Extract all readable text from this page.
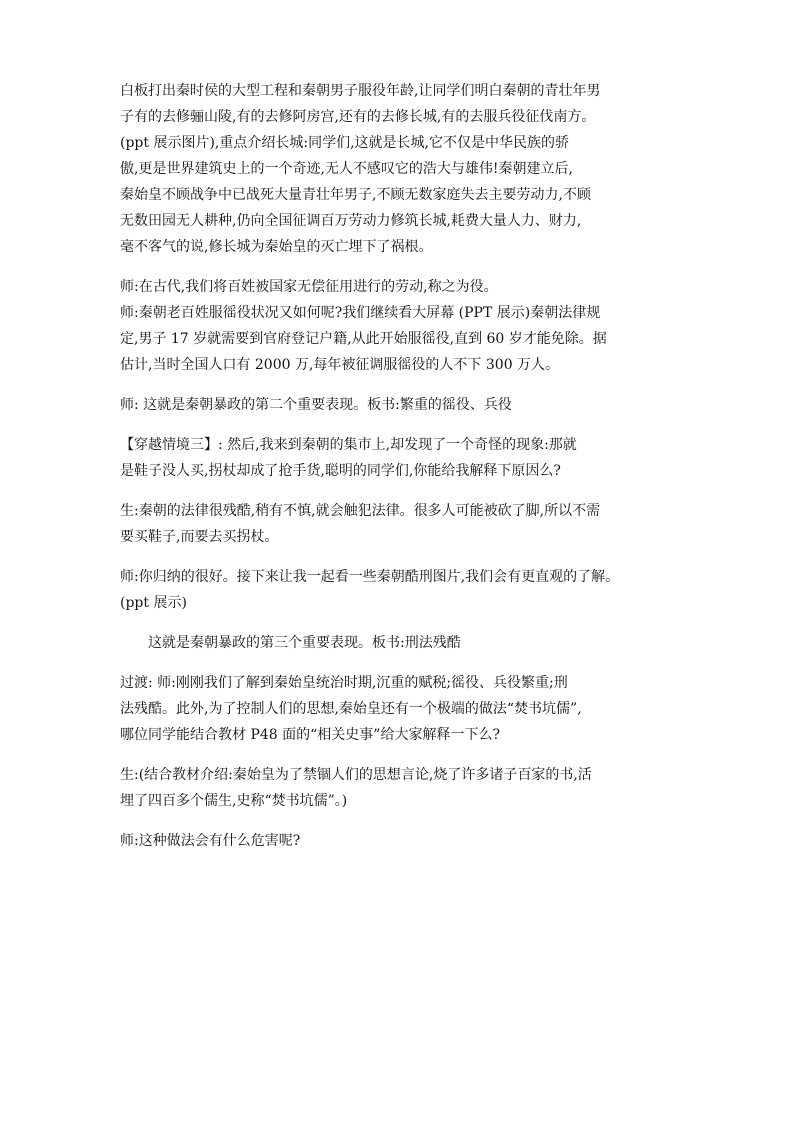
白板打出秦时侯的大型工程和秦朝男子服役年龄,让同学们明白秦朝的青壮年男
子有的去修骊山陵,有的去修阿房宫,还有的去修长城,有的去服兵役征伐南方。
(ppt 展示图片),重点介绍长城:同学们,这就是长城,它不仅是中华民族的骄
傲,更是世界建筑史上的一个奇迹,无人不感叹它的浩大与雄伟!秦朝建立后,
秦始皇不顾战争中已战死大量青壮年男子,不顾无数家庭失去主要劳动力,不顾
无数田园无人耕种,仍向全国征调百万劳动力修筑长城,耗费大量人力、财力,
毫不客气的说,修长城为秦始皇的灭亡埋下了祸根。

师:在古代,我们将百姓被国家无偿征用进行的劳动,称之为役。
师:秦朝老百姓服徭役状况又如何呢?我们继续看大屏幕 (PPT 展示)秦朝法律规
定,男子 17 岁就需要到官府登记户籍,从此开始服徭役,直到 60 岁才能免除。据
估计,当时全国人口有 2000 万,每年被征调服徭役的人不下 300 万人。

师: 这就是秦朝暴政的第二个重要表现。板书:繁重的徭役、兵役

【穿越情境三】: 然后,我来到秦朝的集市上,却发现了一个奇怪的现象:那就
是鞋子没人买,拐杖却成了抢手货,聪明的同学们,你能给我解释下原因么?

生:秦朝的法律很残酷,稍有不慎,就会触犯法律。很多人可能被砍了脚,所以不需
要买鞋子,而要去买拐杖。

师:你归纳的很好。接下来让我一起看一些秦朝酷刑图片,我们会有更直观的了解。
(ppt 展示)

这就是秦朝暴政的第三个重要表现。板书:刑法残酷

过渡: 师:刚刚我们了解到秦始皇统治时期,沉重的赋税;徭役、兵役繁重;刑
法残酷。此外,为了控制人们的思想,秦始皇还有一个极端的做法“焚书坑儒”,
哪位同学能结合教材 P48 面的“相关史事”给大家解释一下么?

生:(结合教材介绍:秦始皇为了禁锢人们的思想言论,烧了许多诸子百家的书,活
埋了四百多个儒生,史称“焚书坑儒”。)

师:这种做法会有什么危害呢?
